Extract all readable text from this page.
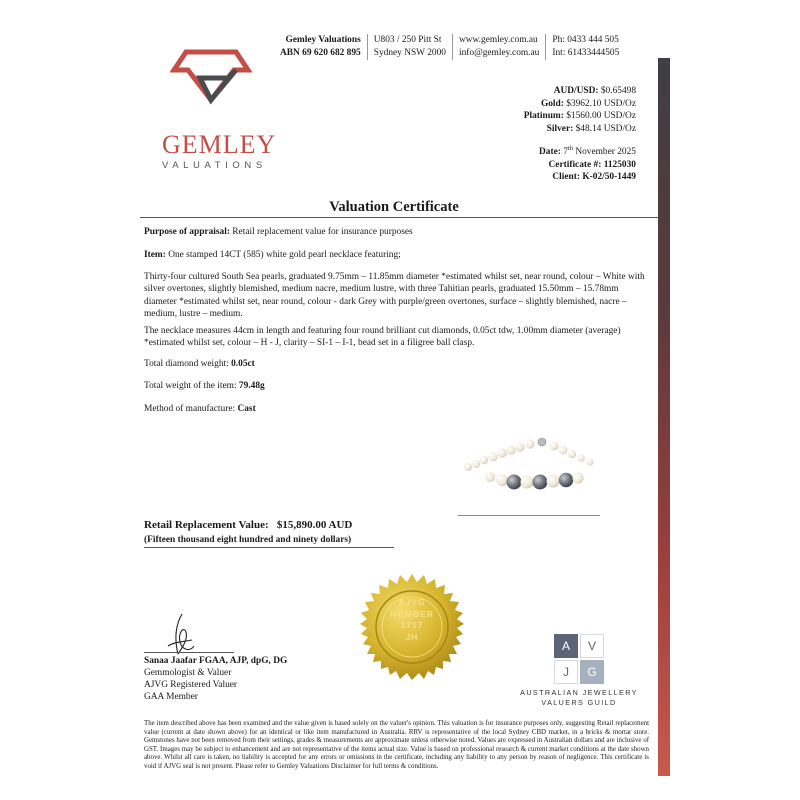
GEMLEY
VALUATIONS
Gemley Valuations
ABN 69 620 682 895
U803 / 250 Pitt St
Sydney NSW 2000
www.gemley.com.au
info@gemley.com.au
Ph: 0433 444 505
Int: 61433444505
AUD/USD: $0.65498
Gold: $3962.10 USD/Oz
Platinum: $1560.00 USD/Oz
Silver: $48.14 USD/Oz
Date: 7th November 2025
Certificate #: 1125030
Client: K-02/50-1449
Valuation Certificate
Purpose of appraisal: Retail replacement value for insurance purposes
Item: One stamped 14CT (585) white gold pearl necklace featuring;
Thirty-four cultured South Sea pearls, graduated 9.75mm – 11.85mm diameter *estimated whilst set, near round, colour – White with silver overtones, slightly blemished, medium nacre, medium lustre, with three Tahitian pearls, graduated 15.50mm – 15.78mm diameter *estimated whilst set, near round, colour - dark Grey with purple/green overtones, surface – slightly blemished, nacre – medium, lustre – medium.
The necklace measures 44cm in length and featuring four round brilliant cut diamonds, 0.05ct tdw, 1.00mm diameter (average) *estimated whilst set, colour – H - J, clarity – SI-1 – I-1, bead set in a filigree ball clasp.
Total diamond weight: 0.05ct
Total weight of the item: 79.48g
Method of manufacture: Cast
Retail Replacement Value: $15,890.00 AUD
(Fifteen thousand eight hundred and ninety dollars)
AJVG
MEMBER
1717
JH
Sanaa Jaafar FGAA, AJP, dpG, DG
Gemmologist & Valuer
AJVG Registered Valuer
GAA Member
A	V
J	G
AUSTRALIAN JEWELLERY
VALUERS GUILD
The item described above has been examined and the value given is based solely on the valuer's opinion. This valuation is for insurance purposes only, suggesting Retail replacement value (current at date shown above) for an identical or like item manufactured in Australia. RRV is representative of the local Sydney CBD market, in a bricks & mortar store. Gemstones have not been removed from their settings, grades & measurements are approximate unless otherwise noted. Values are expressed in Australian dollars and are inclusive of GST. Images may be subject to enhancement and are not representative of the items actual size. Value is based on professional research & current market conditions at the date shown above. Whilst all care is taken, no liability is accepted for any errors or omissions in the certificate, including any liability to any person by reason of negligence. This certificate is void if AJVG seal is not present. Please refer to Gemley Valuations Disclaimer for full terms & conditions.
